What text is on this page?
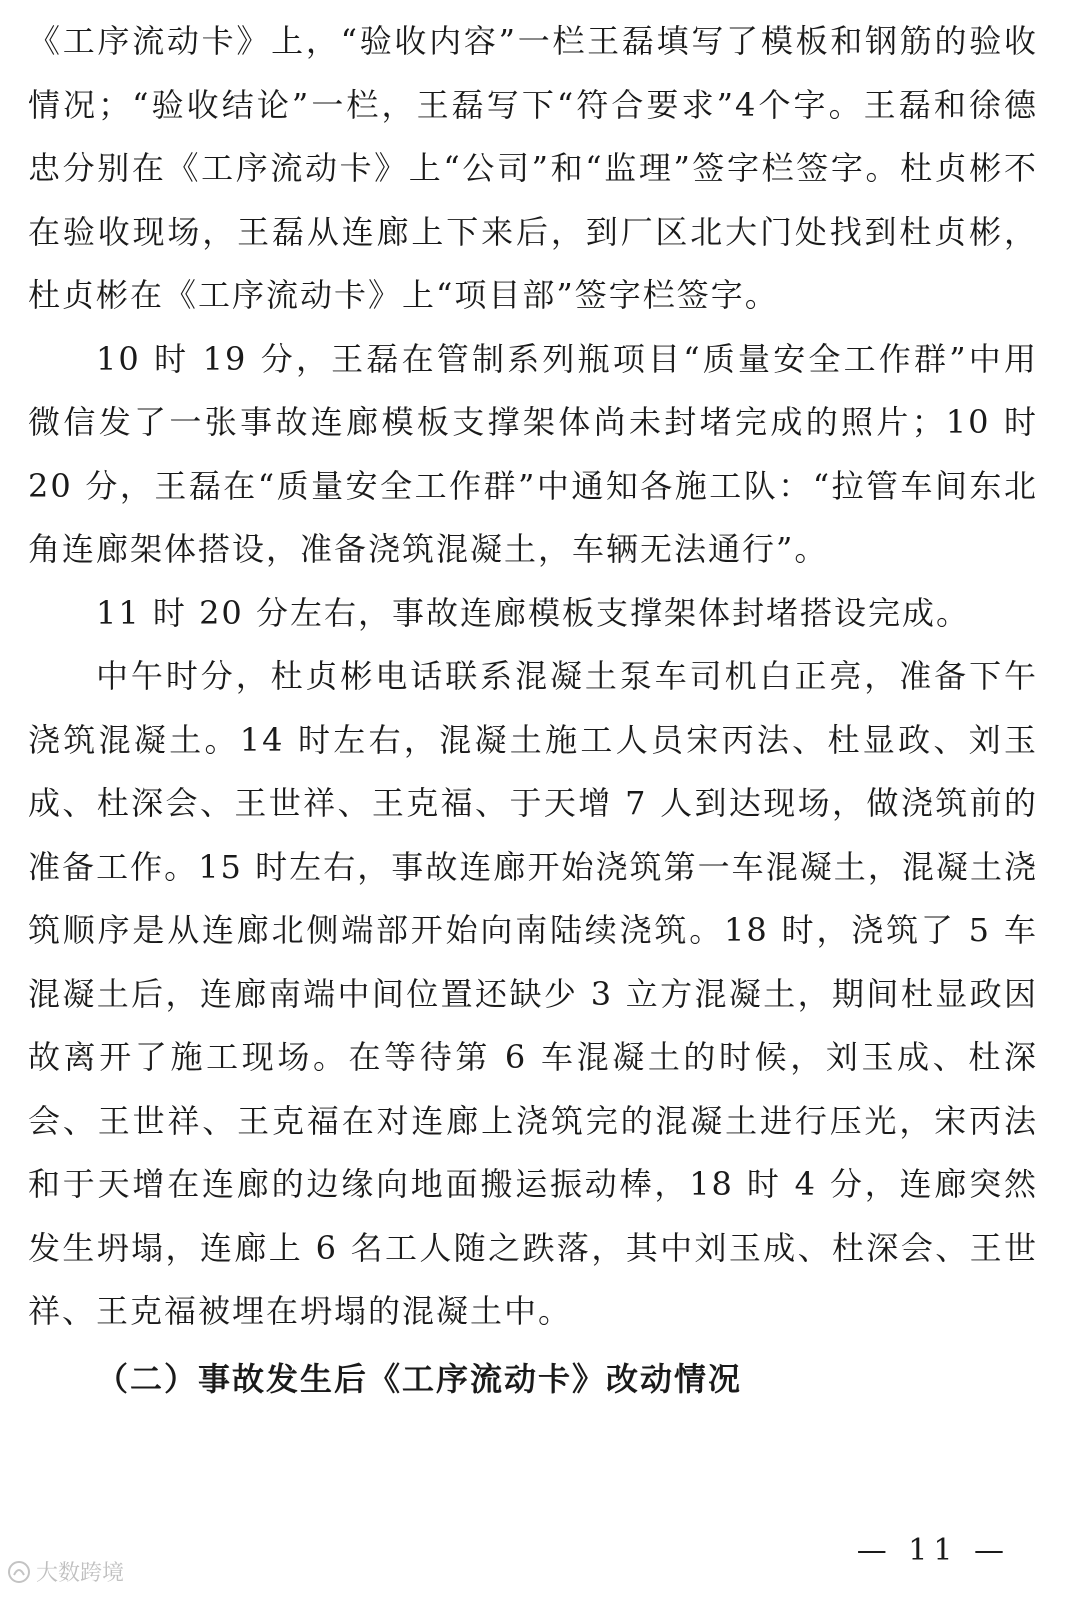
《工序流动卡》上，“验收内容”一栏王磊填写了模板和钢筋的验收情况；“验收结论”一栏，王磊写下“符合要求”4个字。王磊和徐德忠分别在《工序流动卡》上“公司”和“监理”签字栏签字。杜贞彬不在验收现场，王磊从连廊上下来后，到厂区北大门处找到杜贞彬，杜贞彬在《工序流动卡》上“项目部”签字栏签字。

10 时 19 分，王磊在管制系列瓶项目“质量安全工作群”中用微信发了一张事故连廊模板支撑架体尚未封堵完成的照片；10 时 20 分，王磊在“质量安全工作群”中通知各施工队：“拉管车间东北角连廊架体搭设，准备浇筑混凝土，车辆无法通行”。

11 时 20 分左右，事故连廊模板支撑架体封堵搭设完成。

中午时分，杜贞彬电话联系混凝土泵车司机白正亮，准备下午浇筑混凝土。14 时左右，混凝土施工人员宋丙法、杜显政、刘玉成、杜深会、王世祥、王克福、于天增 7 人到达现场，做浇筑前的准备工作。15 时左右，事故连廊开始浇筑第一车混凝土，混凝土浇筑顺序是从连廊北侧端部开始向南陆续浇筑。18 时，浇筑了 5 车混凝土后，连廊南端中间位置还缺少 3 立方混凝土，期间杜显政因故离开了施工现场。在等待第 6 车混凝土的时候，刘玉成、杜深会、王世祥、王克福在对连廊上浇筑完的混凝土进行压光，宋丙法和于天增在连廊的边缘向地面搬运振动棒，18 时 4 分，连廊突然发生坍塌，连廊上 6 名工人随之跌落，其中刘玉成、杜深会、王世祥、王克福被埋在坍塌的混凝土中。

（二）事故发生后《工序流动卡》改动情况

— 11 —
大数跨境
